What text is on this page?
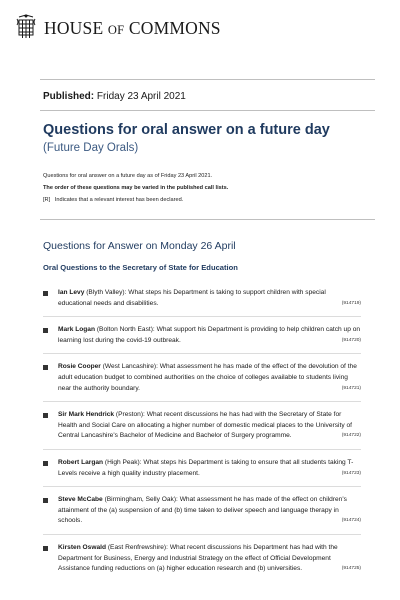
HOUSE OF COMMONS
Published: Friday 23 April 2021
Questions for oral answer on a future day
(Future Day Orals)
Questions for oral answer on a future day as of Friday 23 April 2021.
The order of these questions may be varied in the published call lists.
[R] Indicates that a relevant interest has been declared.
Questions for Answer on Monday 26 April
Oral Questions to the Secretary of State for Education
Ian Levy (Blyth Valley): What steps his Department is taking to support children with special educational needs and disabilities.	(914719)
Mark Logan (Bolton North East): What support his Department is providing to help children catch up on learning lost during the covid-19 outbreak.	(914720)
Rosie Cooper (West Lancashire): What assessment he has made of the effect of the devolution of the adult education budget to combined authorities on the choice of colleges available to students living near the authority boundary.	(914721)
Sir Mark Hendrick (Preston): What recent discussions he has had with the Secretary of State for Health and Social Care on allocating a higher number of domestic medical places to the University of Central Lancashire's Bachelor of Medicine and Bachelor of Surgery programme.	(914722)
Robert Largan (High Peak): What steps his Department is taking to ensure that all students taking T-Levels receive a high quality industry placement.	(914723)
Steve McCabe (Birmingham, Selly Oak): What assessment he has made of the effect on children's attainment of the (a) suspension of and (b) time taken to deliver speech and language therapy in schools.	(914724)
Kirsten Oswald (East Renfrewshire): What recent discussions his Department has had with the Department for Business, Energy and Industrial Strategy on the effect of Official Development Assistance funding reductions on (a) higher education research and (b) universities.	(914725)
